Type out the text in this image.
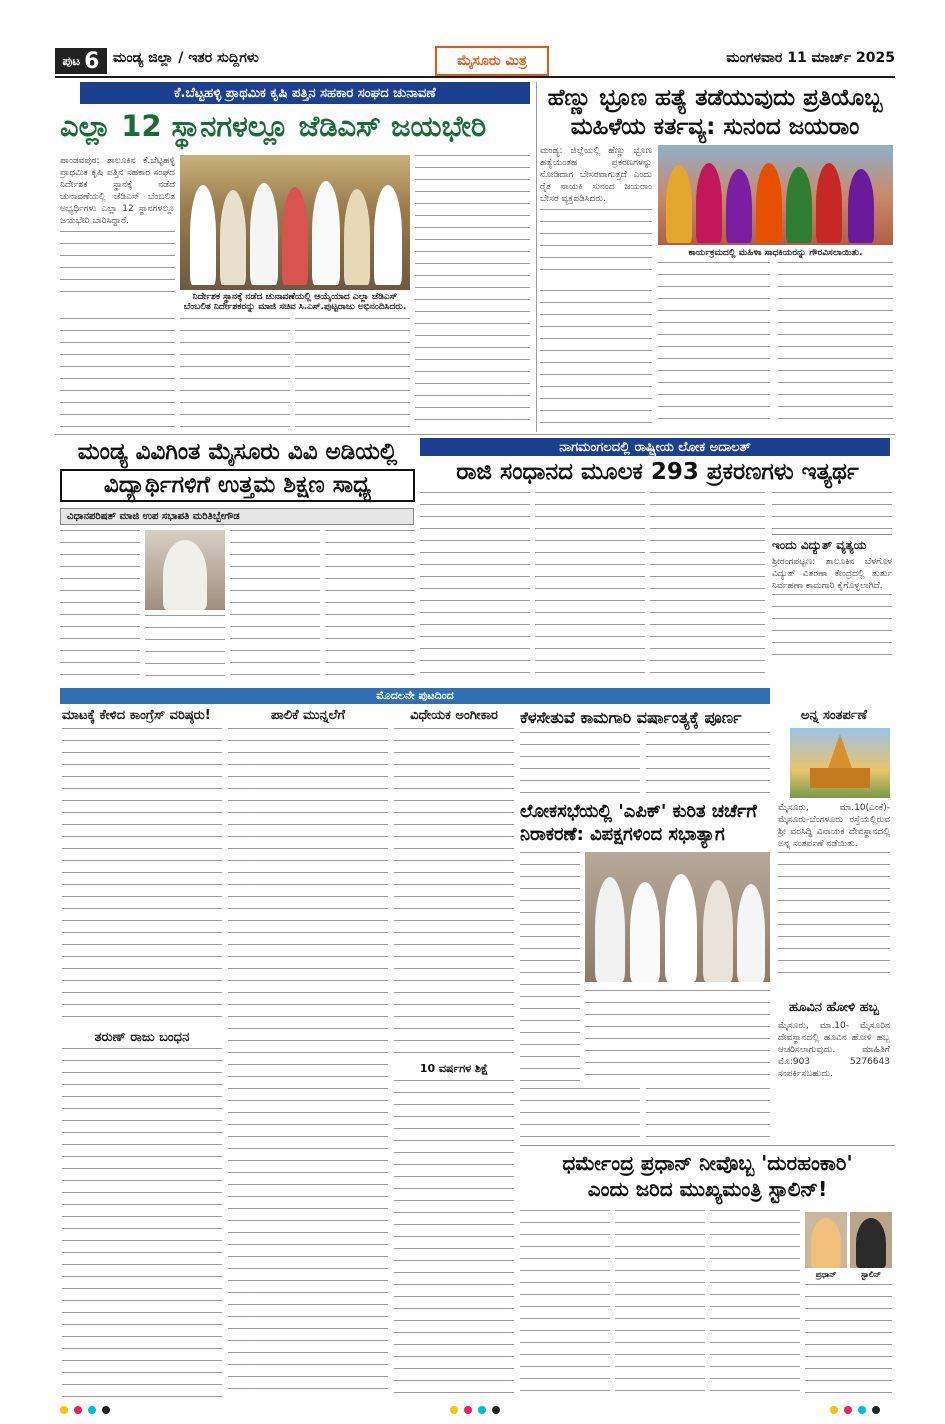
ಪುಟ 6 ಮಂಡ್ಯ ಜಿಲ್ಲಾ / ಇತರ ಸುದ್ದಿಗಳು	ಮೈಸೂರು ಮಿತ್ರ	ಮಂಗಳವಾರ 11 ಮಾರ್ಚ್ 2025
ಕೆ.ಬೆಟ್ಟಹಳ್ಳಿ ಪ್ರಾಥಮಿಕ ಕೃಷಿ ಪತ್ತಿನ ಸಹಕಾರ ಸಂಘದ ಚುನಾವಣೆ
ಎಲ್ಲಾ 12 ಸ್ಥಾನಗಳಲ್ಲೂ ಜೆಡಿಎಸ್ ಜಯಭೇರಿ
ಪಾಂಡವಪುರ: ತಾಲೂಕಿನ ಕೆ.ಬೆಟ್ಟಹಳ್ಳಿ ಪ್ರಾಥಮಿಕ ಕೃಷಿ ಪತ್ತಿನ ಸಹಕಾರ ಸಂಘದ ನಿರ್ದೇಶಕ ಸ್ಥಾನಕ್ಕೆ ನಡೆದ ಚುನಾವಣೆಯಲ್ಲಿ ಜೆಡಿಎಸ್ ಬೆಂಬಲಿತ ಅಭ್ಯರ್ಥಿಗಳು ಎಲ್ಲಾ 12 ಸ್ಥಾನಗಳಲ್ಲೂ ಜಯಭೇರಿ ಬಾರಿಸಿದ್ದಾರೆ.
ನಿರ್ದೇಶಕ ಸ್ಥಾನಕ್ಕೆ ನಡೆದ ಚುನಾವಣೆಯಲ್ಲಿ ಆಯ್ಕೆಯಾದ ಎಲ್ಲಾ ಜೆಡಿಎಸ್ ಬೆಂಬಲಿತ ನಿರ್ದೇಶಕರನ್ನು ಮಾಜಿ ಸಚಿವ ಸಿ.ಎಸ್.ಪುಟ್ಟರಾಜು ಅಭಿನಂದಿಸಿದರು.
ಹೆಣ್ಣು ಭ್ರೂಣ ಹತ್ಯೆ ತಡೆಯುವುದು ಪ್ರತಿಯೊಬ್ಬ
ಮಹಿಳೆಯ ಕರ್ತವ್ಯ: ಸುನಂದ ಜಯರಾಂ
ಮಂಡ್ಯ: ಜಿಲ್ಲೆಯಲ್ಲಿ ಹೆಣ್ಣು ಭ್ರೂಣ ಹತ್ಯೆಯಂತಹ ಪ್ರಕರಣಗಳನ್ನು ನೋಡಿದಾಗ ಬೇಸರವಾಗುತ್ತದೆ ಎಂದು ರೈತ ನಾಯಕಿ ಸುನಂದ ಜಯರಾಂ ಬೇಸರ ವ್ಯಕ್ತಪಡಿಸಿದರು.
ಕಾರ್ಯಕ್ರಮದಲ್ಲಿ ಮಹಿಳಾ ಸಾಧಕಿಯರನ್ನು ಗೌರವಿಸಲಾಯಿತು.
ಮಂಡ್ಯ ವಿವಿಗಿಂತ ಮೈಸೂರು ವಿವಿ ಅಡಿಯಲ್ಲಿ
ವಿದ್ಯಾರ್ಥಿಗಳಿಗೆ ಉತ್ತಮ ಶಿಕ್ಷಣ ಸಾಧ್ಯ
ವಿಧಾನಪರಿಷತ್ ಮಾಜಿ ಉಪ ಸಭಾಪತಿ ಮರಿತಿಬ್ಬೇಗೌಡ
ನಾಗಮಂಗಲದಲ್ಲಿ ರಾಷ್ಟ್ರೀಯ ಲೋಕ ಅದಾಲತ್
ರಾಜಿ ಸಂಧಾನದ ಮೂಲಕ 293 ಪ್ರಕರಣಗಳು ಇತ್ಯರ್ಥ
ಇಂದು ವಿದ್ಯುತ್ ವ್ಯತ್ಯಯ
ಶ್ರೀರಂಗಪಟ್ಟಣ: ತಾಲೂಕಿನ ಬೆಳಗೊಳ ವಿದ್ಯುತ್ ವಿತರಣಾ ಕೇಂದ್ರದಲ್ಲಿ ತುರ್ತು ನಿರ್ವಹಣಾ ಕಾಮಗಾರಿ ಕೈಗೊಳ್ಳಲಾಗಿದೆ.
ಮೊದಲನೇ ಪುಟದಿಂದ
ಮಾಟಕ್ಕೆ ಕೇಳಿದ ಕಾಂಗ್ರೆಸ್ ವರಿಷ್ಠರು!
ತರುಣ್ ರಾಜು ಬಂಧನ
ಪಾಲಿಕೆ ಮುನ್ನಲೆಗೆ	ವಿಧೇಯಕ ಅಂಗೀಕಾರ
10 ವರ್ಷಗಳ ಶಿಕ್ಷೆ
ಕೆಳಸೇತುವೆ ಕಾಮಗಾರಿ ವರ್ಷಾಂತ್ಯಕ್ಕೆ ಪೂರ್ಣ
ಲೋಕಸಭೆಯಲ್ಲಿ 'ಎಪಿಕ್' ಕುರಿತ ಚರ್ಚೆಗೆ
ನಿರಾಕರಣೆ: ವಿಪಕ್ಷಗಳಿಂದ ಸಭಾತ್ಯಾಗ
ಅನ್ನ ಸಂತರ್ಪಣೆ
ಮೈಸೂರು, ಮಾ.10(ಎಂಕೆ)- ಮೈಸೂರು-ಬೆಂಗಳೂರು ರಸ್ತೆಯಲ್ಲಿರುವ ಶ್ರೀ ವರಸಿದ್ಧಿ ವಿನಾಯಕ ದೇವಸ್ಥಾನದಲ್ಲಿ ಅನ್ನ ಸಂತರ್ಪಣೆ ನಡೆಯಿತು.
ಹೂವಿನ ಹೋಳಿ ಹಬ್ಬ
ಮೈಸೂರು, ಮಾ.10- ಮೈಸೂರಿನ ದೇವಸ್ಥಾನದಲ್ಲಿ ಹೂವಿನ ಹೋಳಿ ಹಬ್ಬ ಆಚರಿಸಲಾಗುವುದು. ಮಾಹಿತಿಗೆ ಮೊ:903 5276643 ಸಂಪರ್ಕಿಸಬಹುದು.
ಧರ್ಮೇಂದ್ರ ಪ್ರಧಾನ್ ನೀವೊಬ್ಬ 'ದುರಹಂಕಾರಿ'
ಎಂದು ಜರಿದ ಮುಖ್ಯಮಂತ್ರಿ ಸ್ಟಾಲಿನ್!
ಪ್ರಧಾನ್	ಸ್ಟಾಲಿನ್
